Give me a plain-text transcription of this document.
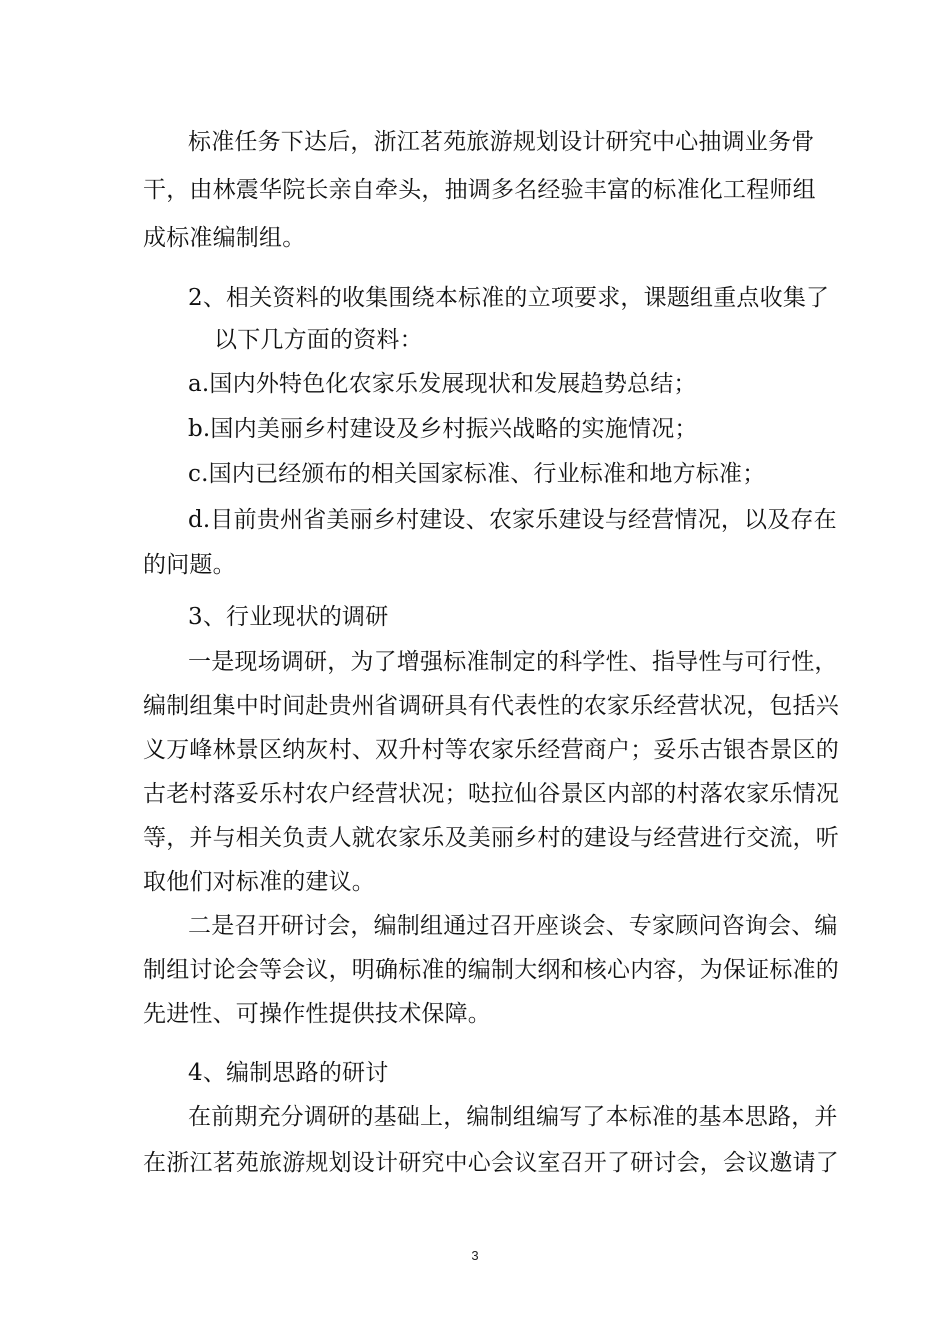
标准任务下达后，浙江茗苑旅游规划设计研究中心抽调业务骨
干，由林震华院长亲自牵头，抽调多名经验丰富的标准化工程师组
成标准编制组。
2、相关资料的收集围绕本标准的立项要求，课题组重点收集了
以下几方面的资料：
a.国内外特色化农家乐发展现状和发展趋势总结；
b.国内美丽乡村建设及乡村振兴战略的实施情况；
c.国内已经颁布的相关国家标准、行业标准和地方标准；
d.目前贵州省美丽乡村建设、农家乐建设与经营情况，以及存在
的问题。
3、行业现状的调研
一是现场调研，为了增强标准制定的科学性、指导性与可行性，
编制组集中时间赴贵州省调研具有代表性的农家乐经营状况，包括兴
义万峰林景区纳灰村、双升村等农家乐经营商户；妥乐古银杏景区的
古老村落妥乐村农户经营状况；哒拉仙谷景区内部的村落农家乐情况
等，并与相关负责人就农家乐及美丽乡村的建设与经营进行交流，听
取他们对标准的建议。
二是召开研讨会，编制组通过召开座谈会、专家顾问咨询会、编
制组讨论会等会议，明确标准的编制大纲和核心内容，为保证标准的
先进性、可操作性提供技术保障。
4、编制思路的研讨
在前期充分调研的基础上，编制组编写了本标准的基本思路，并
在浙江茗苑旅游规划设计研究中心会议室召开了研讨会，会议邀请了
3
